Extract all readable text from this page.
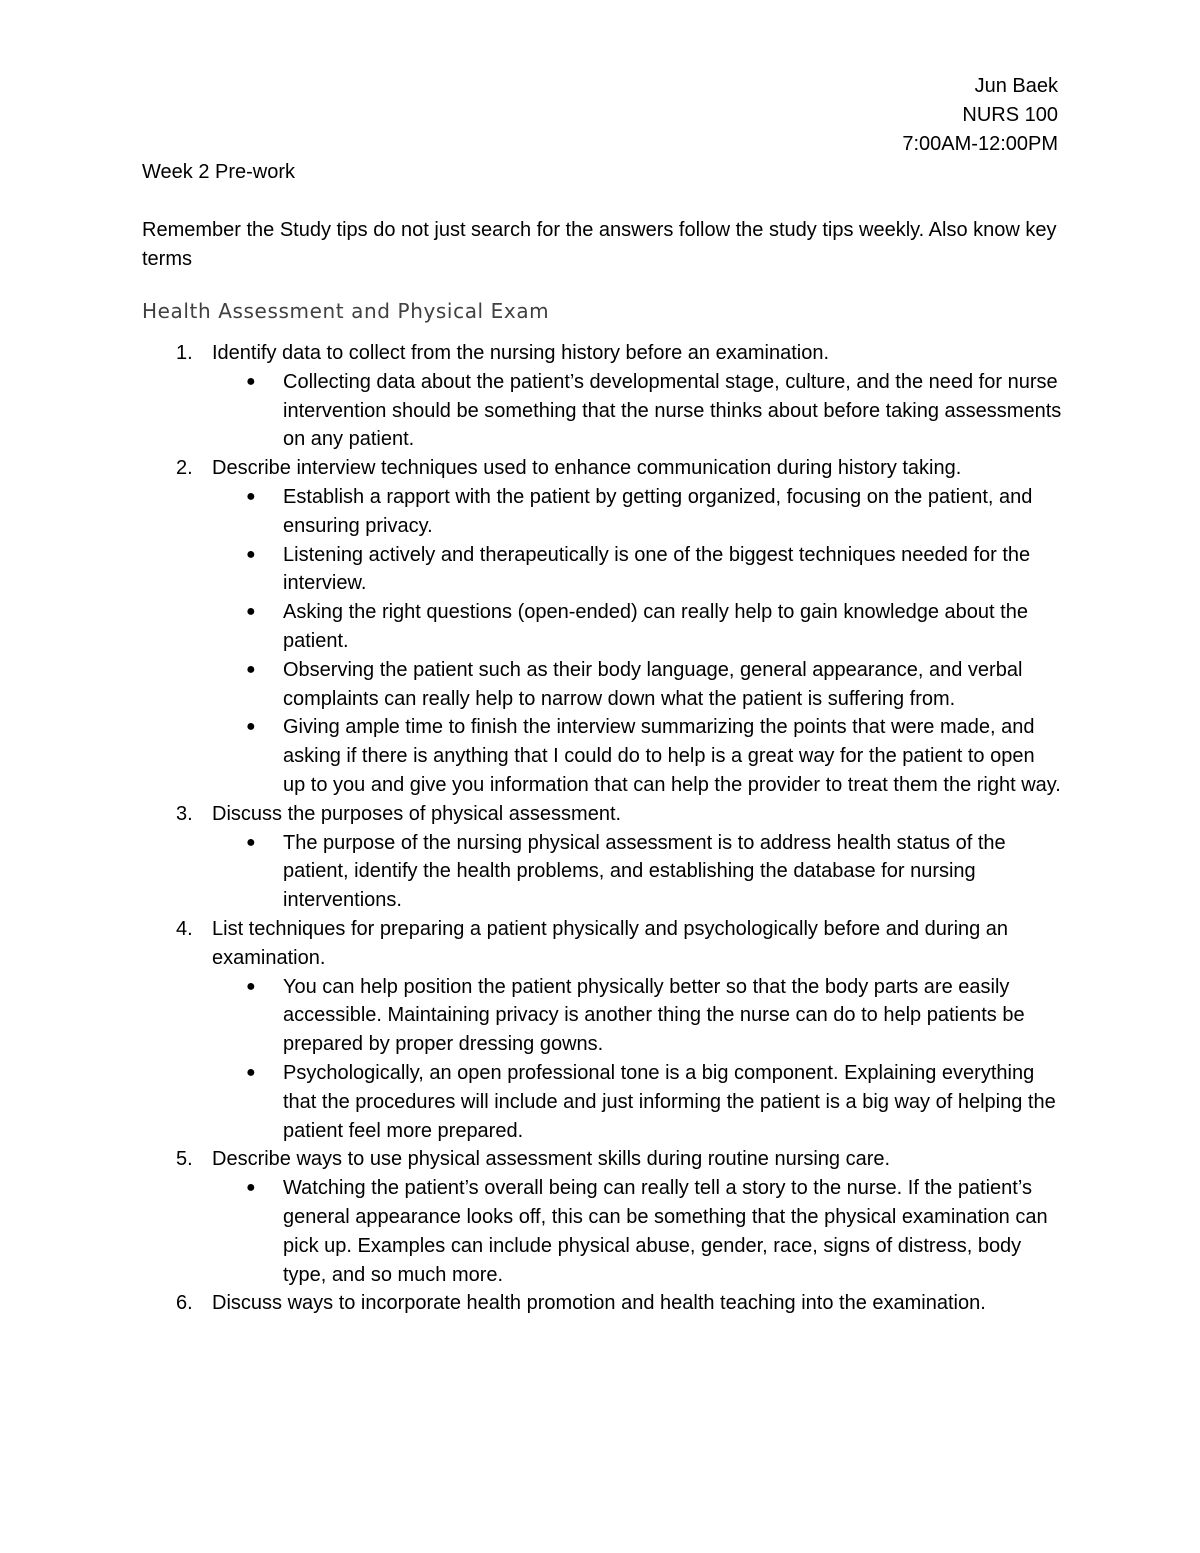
Jun Baek
NURS 100
7:00AM-12:00PM
Week 2 Pre-work
Remember the Study tips do not just search for the answers follow the study tips weekly. Also know key terms
Health Assessment and Physical Exam
1. Identify data to collect from the nursing history before an examination.
● Collecting data about the patient’s developmental stage, culture, and the need for nurse intervention should be something that the nurse thinks about before taking assessments on any patient.
2. Describe interview techniques used to enhance communication during history taking.
● Establish a rapport with the patient by getting organized, focusing on the patient, and ensuring privacy.
● Listening actively and therapeutically is one of the biggest techniques needed for the interview.
● Asking the right questions (open-ended) can really help to gain knowledge about the patient.
● Observing the patient such as their body language, general appearance, and verbal complaints can really help to narrow down what the patient is suffering from.
● Giving ample time to finish the interview summarizing the points that were made, and asking if there is anything that I could do to help is a great way for the patient to open up to you and give you information that can help the provider to treat them the right way.
3. Discuss the purposes of physical assessment.
● The purpose of the nursing physical assessment is to address health status of the patient, identify the health problems, and establishing the database for nursing interventions.
4. List techniques for preparing a patient physically and psychologically before and during an examination.
● You can help position the patient physically better so that the body parts are easily accessible. Maintaining privacy is another thing the nurse can do to help patients be prepared by proper dressing gowns.
● Psychologically, an open professional tone is a big component. Explaining everything that the procedures will include and just informing the patient is a big way of helping the patient feel more prepared.
5. Describe ways to use physical assessment skills during routine nursing care.
● Watching the patient’s overall being can really tell a story to the nurse. If the patient’s general appearance looks off, this can be something that the physical examination can pick up. Examples can include physical abuse, gender, race, signs of distress, body type, and so much more.
6. Discuss ways to incorporate health promotion and health teaching into the examination.
